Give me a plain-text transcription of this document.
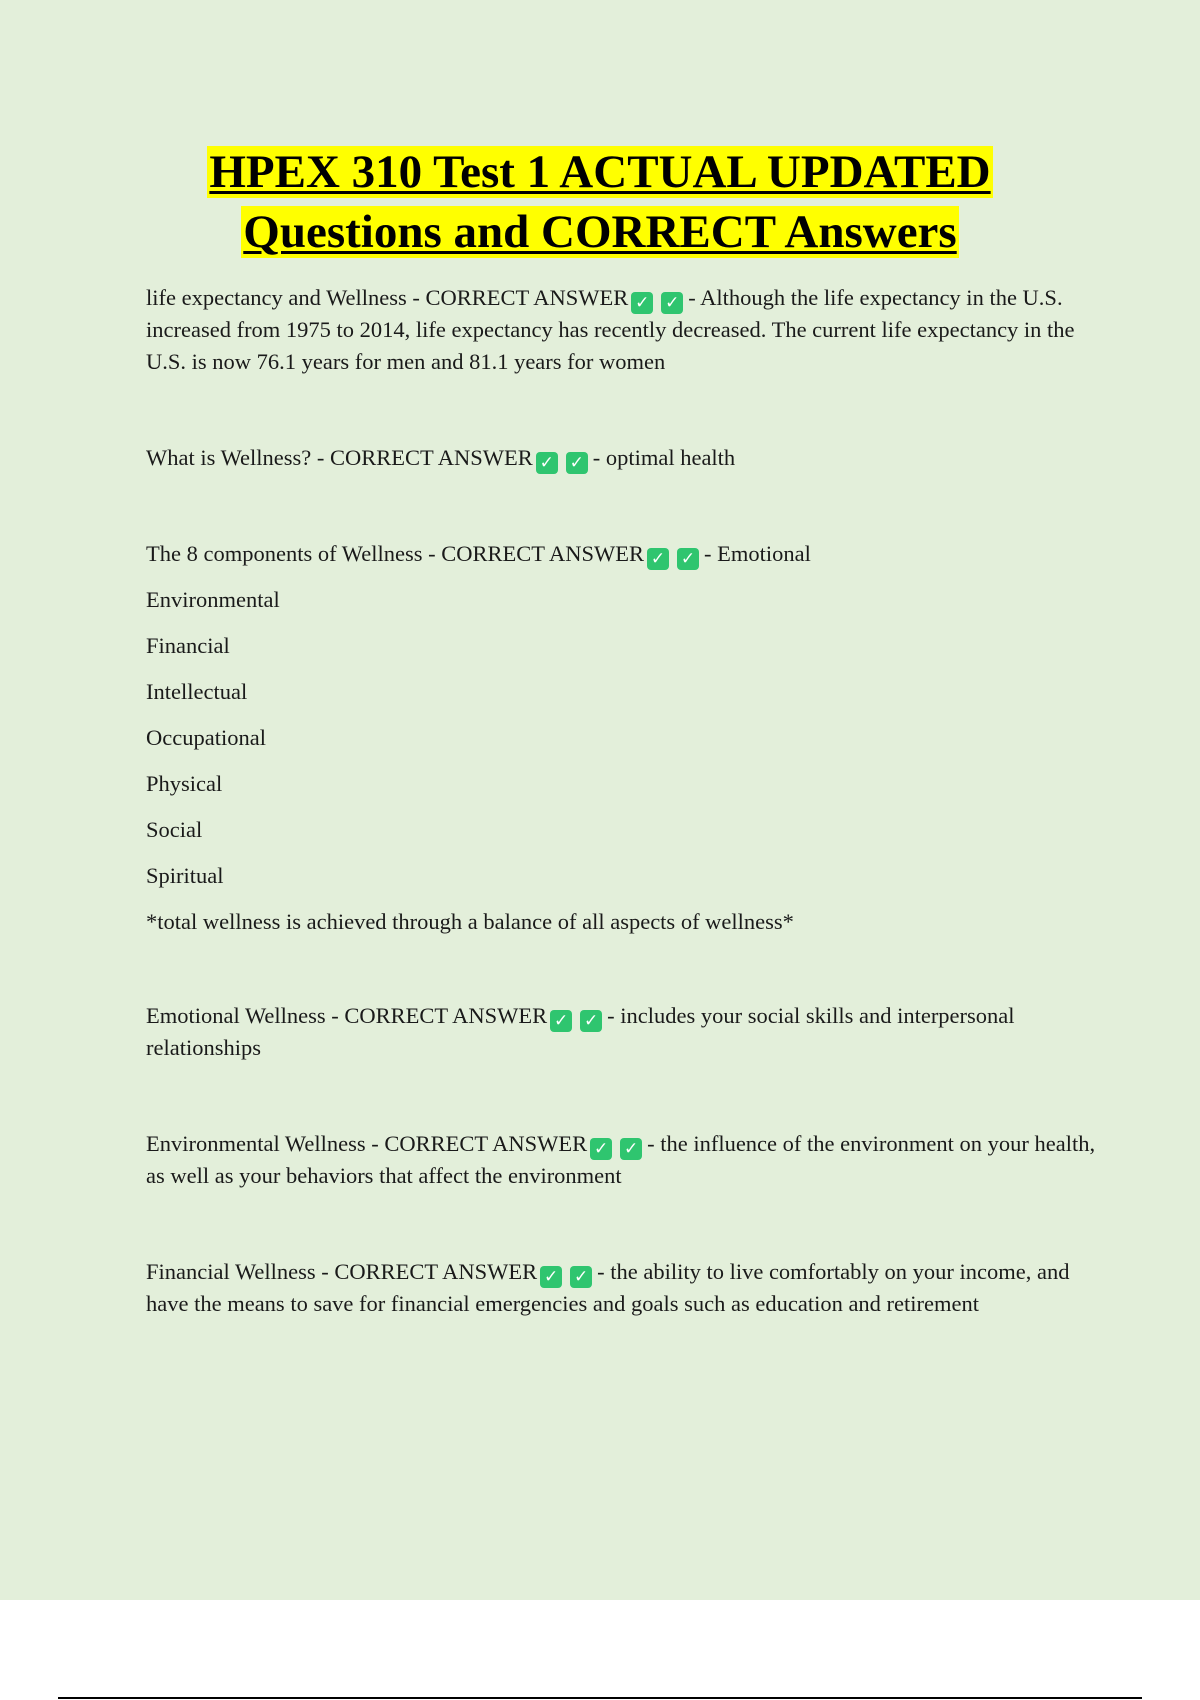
HPEX 310 Test 1 ACTUAL UPDATED
Questions and CORRECT Answers

life expectancy and Wellness - CORRECT ANSWER ✓ ✓ - Although the life expectancy in the U.S. increased from 1975 to 2014, life expectancy has recently decreased. The current life expectancy in the U.S. is now 76.1 years for men and 81.1 years for women

What is Wellness? - CORRECT ANSWER ✓ ✓ - optimal health

The 8 components of Wellness - CORRECT ANSWER ✓ ✓ - Emotional

Environmental

Financial

Intellectual

Occupational

Physical

Social

Spiritual

*total wellness is achieved through a balance of all aspects of wellness*

Emotional Wellness - CORRECT ANSWER ✓ ✓ - includes your social skills and interpersonal relationships

Environmental Wellness - CORRECT ANSWER ✓ ✓ - the influence of the environment on your health, as well as your behaviors that affect the environment

Financial Wellness - CORRECT ANSWER ✓ ✓ - the ability to live comfortably on your income, and have the means to save for financial emergencies and goals such as education and retirement
